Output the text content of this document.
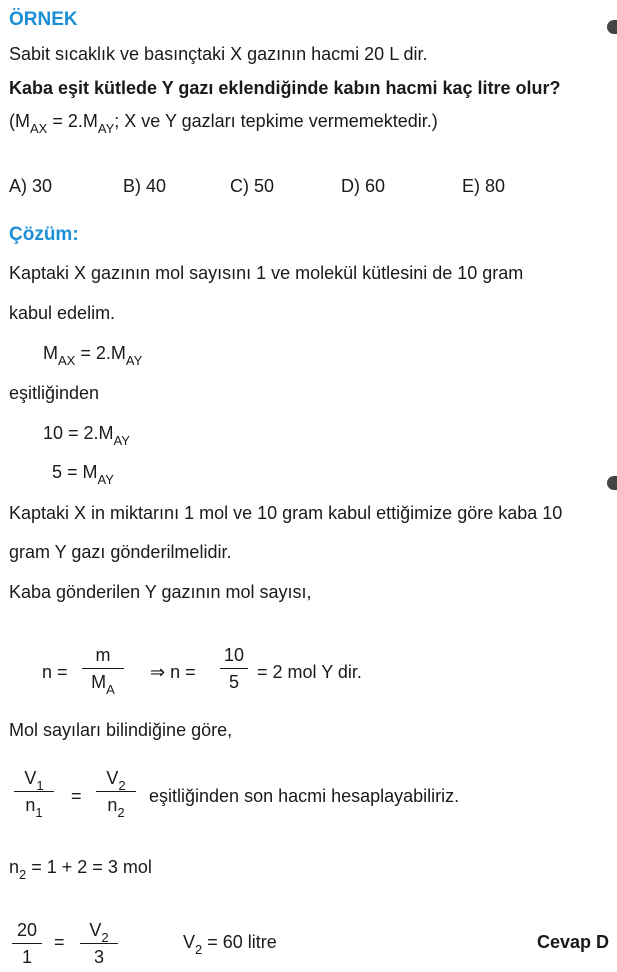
ÖRNEK
Sabit sıcaklık ve basınçtaki X gazının hacmi 20 L dir.
Kaba eşit kütlede Y gazı eklendiğinde kabın hacmi kaç litre olur?
($M_{AX} = 2.M_{AY}$; X ve Y gazları tepkime vermemektedir.)
A) 30	B) 40	C) 50	D) 60	E) 80
Çözüm:
Kaptaki X gazının mol sayısını 1 ve molekül kütlesini de 10 gram
kabul edelim.
$M_{AX} = 2.M_{AY}$
eşitliğinden
$10 = 2.M_{AY}$
$5 = M_{AY}$
Kaptaki X in miktarını 1 mol ve 10 gram kabul ettiğimize göre kaba 10
gram Y gazı gönderilmelidir.
Kaba gönderilen Y gazının mol sayısı,
n =
m
$M_A$
⇒ n =
10
5	= 2 mol Y dir.
Mol sayıları bilindiğine göre,
$V_1$
$n_1$
=
$V_2$
$n_2$
eşitliğinden son hacmi hesaplayabiliriz.
$n_2 = 1 + 2 = 3$ mol
20
1
=
$V_2$
3
$V_2 = 60$ litre	Cevap D
